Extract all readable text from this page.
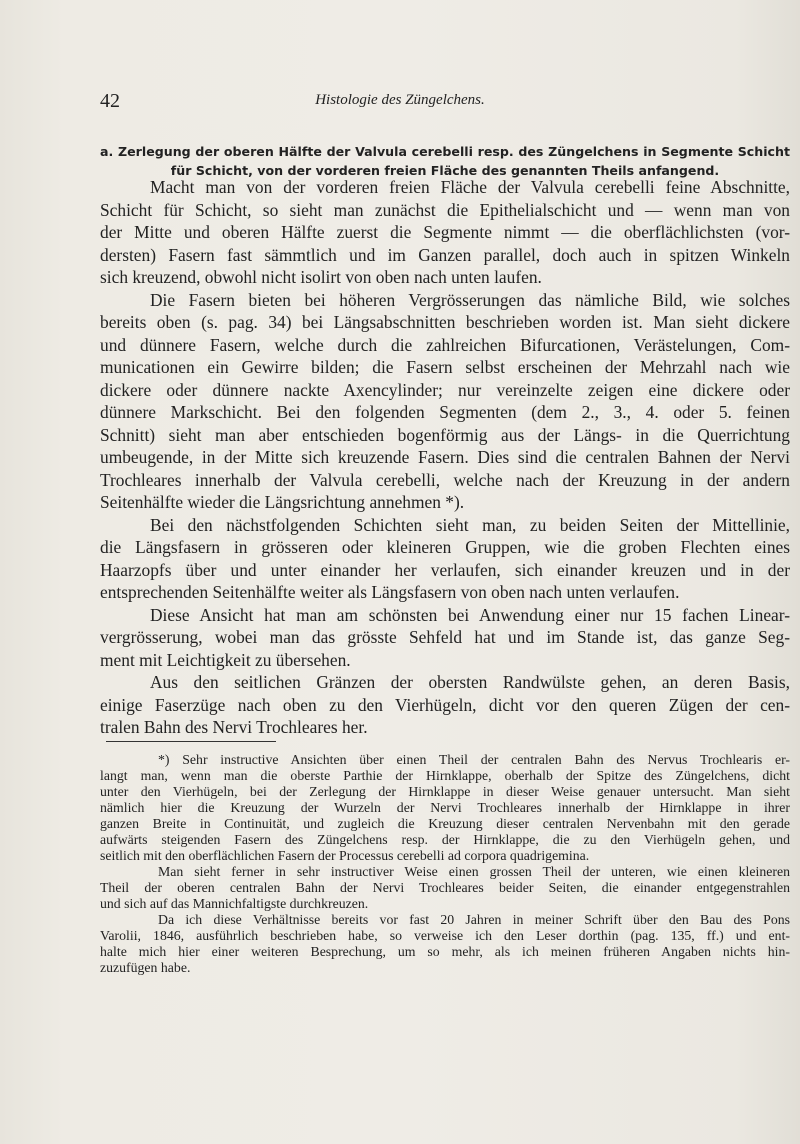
42	Histologie des Züngelchens.
a. Zerlegung der oberen Hälfte der Valvula cerebelli resp. des Züngelchens in Segmente Schicht
für Schicht, von der vorderen freien Fläche des genannten Theils anfangend.
Macht man von der vorderen freien Fläche der Valvula cerebelli feine Abschnitte,
Schicht für Schicht, so sieht man zunächst die Epithelialschicht und — wenn man von
der Mitte und oberen Hälfte zuerst die Segmente nimmt — die oberflächlichsten (vor-
dersten) Fasern fast sämmtlich und im Ganzen parallel, doch auch in spitzen Winkeln
sich kreuzend, obwohl nicht isolirt von oben nach unten laufen.
Die Fasern bieten bei höheren Vergrösserungen das nämliche Bild, wie solches
bereits oben (s. pag. 34) bei Längsabschnitten beschrieben worden ist. Man sieht dickere
und dünnere Fasern, welche durch die zahlreichen Bifurcationen, Verästelungen, Com-
municationen ein Gewirre bilden; die Fasern selbst erscheinen der Mehrzahl nach wie
dickere oder dünnere nackte Axencylinder; nur vereinzelte zeigen eine dickere oder
dünnere Markschicht. Bei den folgenden Segmenten (dem 2., 3., 4. oder 5. feinen
Schnitt) sieht man aber entschieden bogenförmig aus der Längs- in die Querrichtung
umbeugende, in der Mitte sich kreuzende Fasern. Dies sind die centralen Bahnen der Nervi
Trochleares innerhalb der Valvula cerebelli, welche nach der Kreuzung in der andern
Seitenhälfte wieder die Längsrichtung annehmen *).
Bei den nächstfolgenden Schichten sieht man, zu beiden Seiten der Mittellinie,
die Längsfasern in grösseren oder kleineren Gruppen, wie die groben Flechten eines
Haarzopfs über und unter einander her verlaufen, sich einander kreuzen und in der
entsprechenden Seitenhälfte weiter als Längsfasern von oben nach unten verlaufen.
Diese Ansicht hat man am schönsten bei Anwendung einer nur 15 fachen Linear-
vergrösserung, wobei man das grösste Sehfeld hat und im Stande ist, das ganze Seg-
ment mit Leichtigkeit zu übersehen.
Aus den seitlichen Gränzen der obersten Randwülste gehen, an deren Basis,
einige Faserzüge nach oben zu den Vierhügeln, dicht vor den queren Zügen der cen-
tralen Bahn des Nervi Trochleares her.
*) Sehr instructive Ansichten über einen Theil der centralen Bahn des Nervus Trochlearis er-
langt man, wenn man die oberste Parthie der Hirnklappe, oberhalb der Spitze des Züngelchens, dicht
unter den Vierhügeln, bei der Zerlegung der Hirnklappe in dieser Weise genauer untersucht. Man sieht
nämlich hier die Kreuzung der Wurzeln der Nervi Trochleares innerhalb der Hirnklappe in ihrer
ganzen Breite in Continuität, und zugleich die Kreuzung dieser centralen Nervenbahn mit den gerade
aufwärts steigenden Fasern des Züngelchens resp. der Hirnklappe, die zu den Vierhügeln gehen, und
seitlich mit den oberflächlichen Fasern der Processus cerebelli ad corpora quadrigemina.
Man sieht ferner in sehr instructiver Weise einen grossen Theil der unteren, wie einen kleineren
Theil der oberen centralen Bahn der Nervi Trochleares beider Seiten, die einander entgegenstrahlen
und sich auf das Mannichfaltigste durchkreuzen.
Da ich diese Verhältnisse bereits vor fast 20 Jahren in meiner Schrift über den Bau des Pons
Varolii, 1846, ausführlich beschrieben habe, so verweise ich den Leser dorthin (pag. 135, ff.) und ent-
halte mich hier einer weiteren Besprechung, um so mehr, als ich meinen früheren Angaben nichts hin-
zuzufügen habe.
